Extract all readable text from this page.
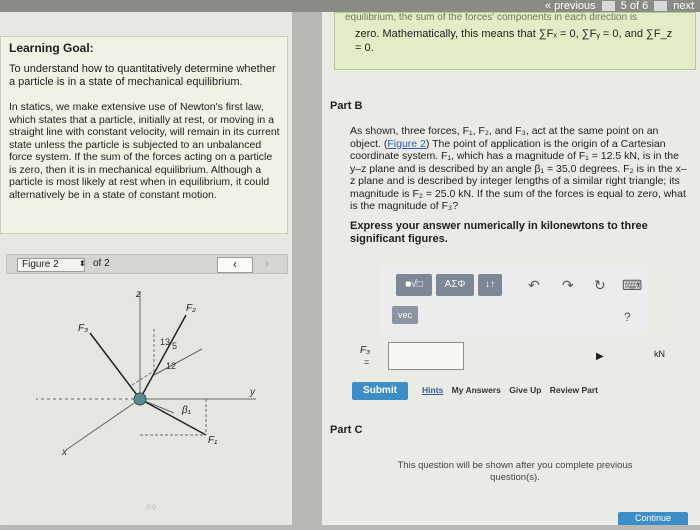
« previous	5 of 6	next
Learning Goal:
To understand how to quantitatively determine whether a particle is in a state of mechanical equilibrium.
In statics, we make extensive use of Newton's first law, which states that a particle, initially at rest, or moving in a straight line with constant velocity, will remain in its current state unless the particle is subjected to an unbalanced force system. If the sum of the forces acting on a particle is zero, then it is in mechanical equilibrium. Although a particle is most likely at rest when in equilibrium, it could alternatively be in a state of constant motion.
Figure 2	⬍ of 2	‹	›
z
y
x
F₂
F₃
F₁
13 5
12
β₁
○○
equilibrium, the sum of the forces' components in each direction is
zero. Mathematically, this means that ∑Fₓ = 0, ∑Fᵧ = 0, and ∑F_z = 0.
Part B
As shown, three forces, F₁, F₂, and F₃, act at the same point on an object. (Figure 2) The point of application is the origin of a Cartesian coordinate system. F₁, which has a magnitude of F₁ = 12.5 kN, is in the y–z plane and is described by an angle β₁ = 35.0 degrees. F₂ is in the x–z plane and is described by integer lengths of a similar right triangle; its magnitude is F₂ = 25.0 kN. If the sum of the forces is equal to zero, what is the magnitude of F₃?
Express your answer numerically in kilonewtons to three significant figures.
■√□	ΑΣΦ	↓↑
vec
↶ ↷ ↻ ⌨
?
F₃
=	▶	kN
Submit	Hints My Answers Give Up Review Part
Part C
This question will be shown after you complete previous question(s).
Continue
